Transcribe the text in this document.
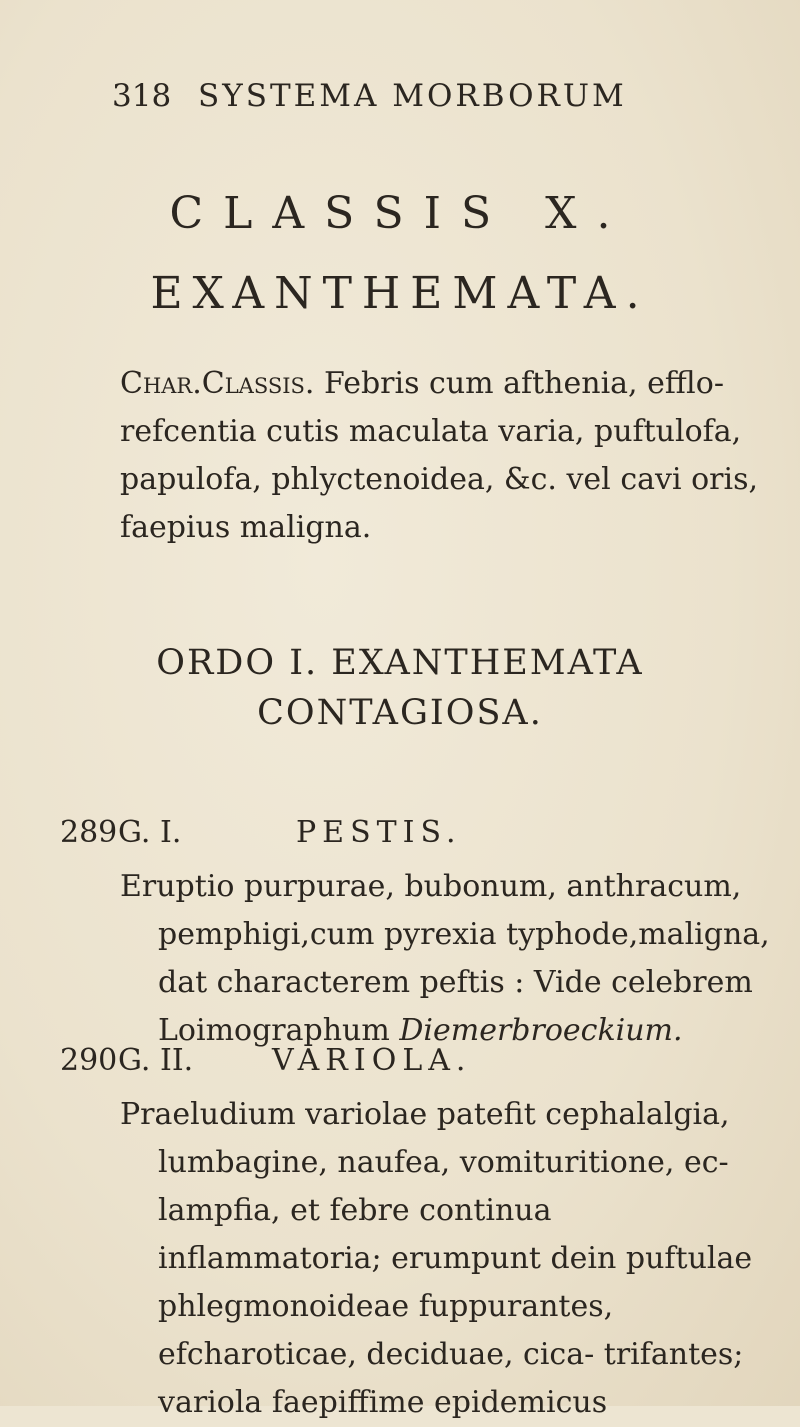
318 SYSTEMA MORBORUM
CLASSIS X.
EXANTHEMATA.
Char.Classis. Febris cum afthenia, efflo- refcentia cutis maculata varia, puftulofa, papulofa, phlyctenoidea, &c. vel cavi oris, faepius maligna.
ORDO I. EXANTHEMATA
CONTAGIOSA.
289 G. I.	PESTIS.
Eruptio purpurae, bubonum, anthracum, pemphigi,cum pyrexia typhode,maligna, dat characterem peftis : Vide celebrem Loimographum Diemerbroeckium.
290 G. II.	VARIOLA.
Praeludium variolae patefit cephalalgia, lumbagine, naufea, vomituritione, ec- lampfia, et febre continua inflammatoria; erumpunt dein puftulae phlegmonoideae fuppurantes, efcharoticae, deciduae, cica- trifantes; variola faepiffime epidemicus
